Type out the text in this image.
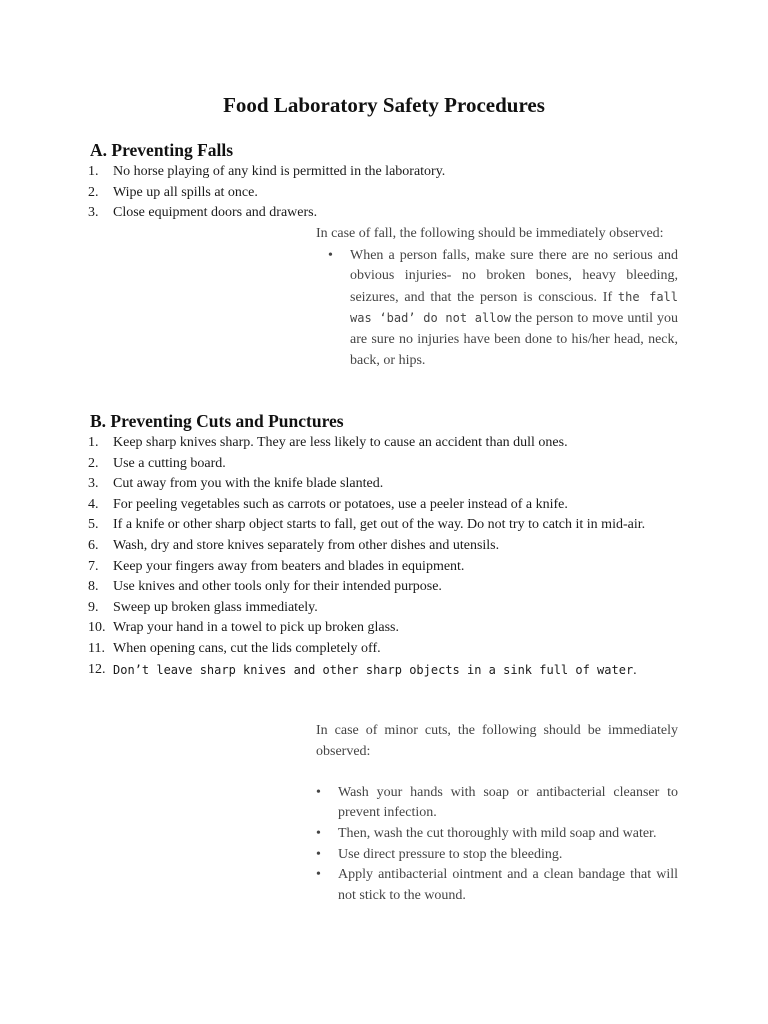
Food Laboratory Safety Procedures
A. Preventing Falls
1.	No horse playing of any kind is permitted in the laboratory.
2.	Wipe up all spills at once.
3.	Close equipment doors and drawers.

In case of fall, the following should be immediately observed:

•	When a person falls, make sure there are no serious and obvious injuries- no broken bones, heavy bleeding, seizures, and that the person is conscious. If the fall was ‘bad’ do not allow the person to move until you are sure no injuries have been done to his/her head, neck, back, or hips.
B. Preventing Cuts and Punctures
1.	Keep sharp knives sharp. They are less likely to cause an accident than dull ones.
2.	Use a cutting board.
3.	Cut away from you with the knife blade slanted.
4.	For peeling vegetables such as carrots or potatoes, use a peeler instead of a knife.
5.	If a knife or other sharp object starts to fall, get out of the way. Do not try to catch it in mid-air.
6.	Wash, dry and store knives separately from other dishes and utensils.
7.	Keep your fingers away from beaters and blades in equipment.
8.	Use knives and other tools only for their intended purpose.
9.	Sweep up broken glass immediately.
10. Wrap your hand in a towel to pick up broken glass.
11. When opening cans, cut the lids completely off.
12. Don’t leave sharp knives and other sharp objects in a sink full of water.

In case of minor cuts, the following should be immediately observed:

•	Wash your hands with soap or antibacterial cleanser to prevent infection.
•	Then, wash the cut thoroughly with mild soap and water.
•	Use direct pressure to stop the bleeding.
•	Apply antibacterial ointment and a clean bandage that will not stick to the wound.
